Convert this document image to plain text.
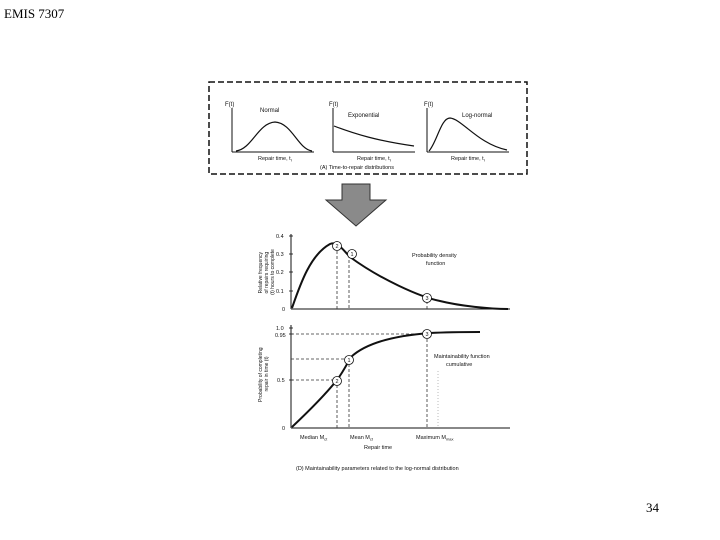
EMIS 7307
34
F(t)
Normal
Repair time, $t_r$
F(t)
Exponential
Repair time, $t_r$
F(t)
Log-normal
Repair time, $t_r$
(A) Time-to-repair distributions
0.4
0.3
0.2
0.1
0
Relative frequency of repairs requiring (t) hours to complete
2
1
3
Probability density function
1.0
0.95
0.5
0
Probability of completing repair in time (t)
3
1
2
Maintainability function cumulative
Median $M_{ct}$	Mean $M_{ct}$	Maximum $M_{max}$
Repair time
(D) Maintainability parameters related to the log-normal distribution
